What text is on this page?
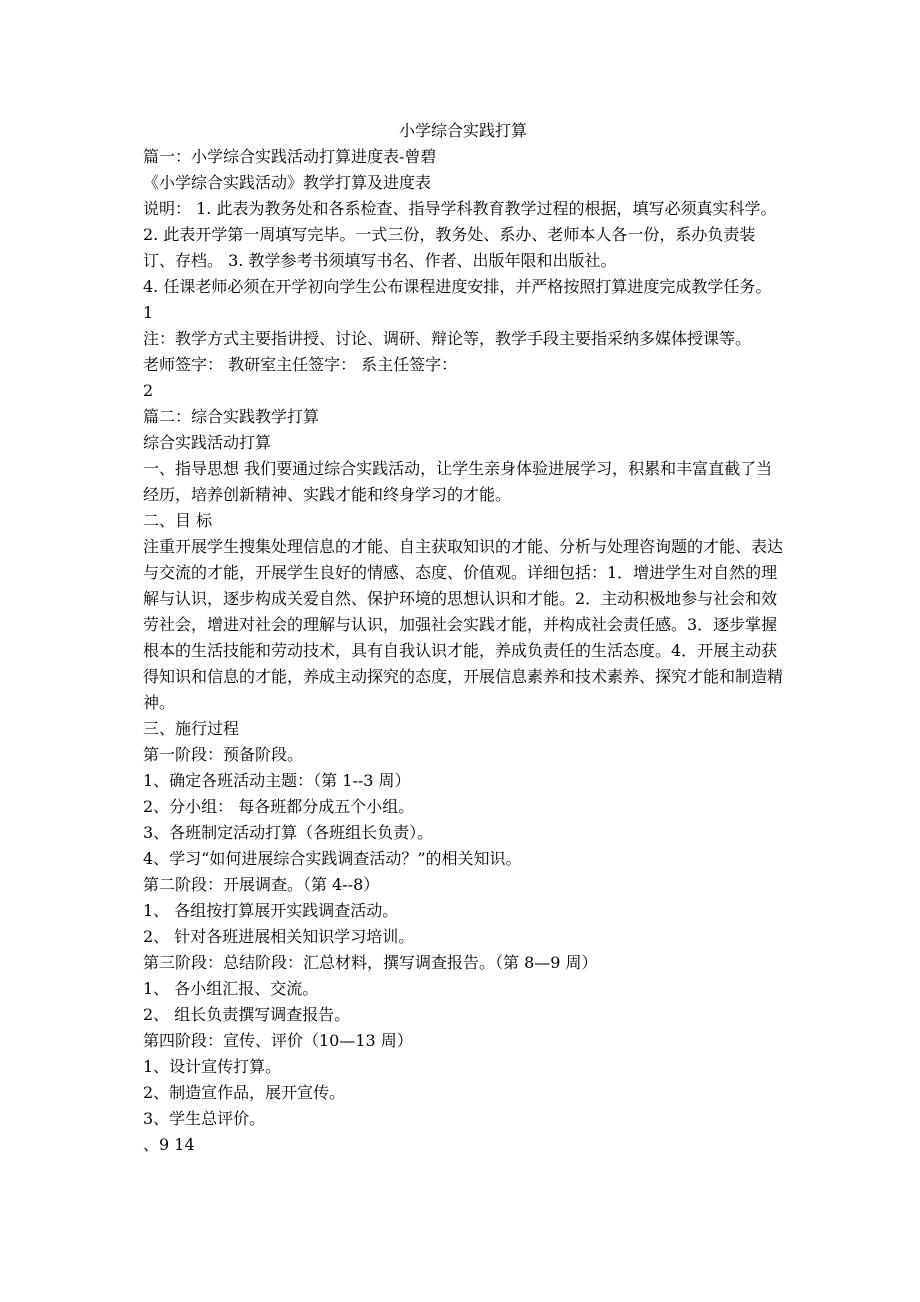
小学综合实践打算

篇一：小学综合实践活动打算进度表-曾碧

《小学综合实践活动》教学打算及进度表

说明： 1. 此表为教务处和各系检查、指导学科教育教学过程的根据，填写必须真实科学。

2. 此表开学第一周填写完毕。一式三份，教务处、系办、老师本人各一份，系办负责装订、存档。 3. 教学参考书须填写书名、作者、出版年限和出版社。

4. 任课老师必须在开学初向学生公布课程进度安排，并严格按照打算进度完成教学任务。

1

注：教学方式主要指讲授、讨论、调研、辩论等，教学手段主要指采纳多媒体授课等。

老师签字： 教研室主任签字： 系主任签字：

2

篇二：综合实践教学打算

综合实践活动打算

一、指导思想 我们要通过综合实践活动，让学生亲身体验进展学习，积累和丰富直截了当经历，培养创新精神、实践才能和终身学习的才能。

二、目 标

注重开展学生搜集处理信息的才能、自主获取知识的才能、分析与处理咨询题的才能、表达与交流的才能，开展学生良好的情感、态度、价值观。详细包括：1．增进学生对自然的理解与认识，逐步构成关爱自然、保护环境的思想认识和才能。2．主动积极地参与社会和效劳社会，增进对社会的理解与认识，加强社会实践才能，并构成社会责任感。3．逐步掌握根本的生活技能和劳动技术，具有自我认识才能，养成负责任的生活态度。4．开展主动获得知识和信息的才能，养成主动探究的态度，开展信息素养和技术素养、探究才能和制造精神。

三、施行过程

第一阶段：预备阶段。

1、确定各班活动主题：（第 1--3 周）

2、分小组： 每各班都分成五个小组。

3、各班制定活动打算（各班组长负责）。

4、学习“如何进展综合实践调查活动？”的相关知识。

第二阶段：开展调查。（第 4--8）

1、 各组按打算展开实践调查活动。

2、 针对各班进展相关知识学习培训。

第三阶段：总结阶段：汇总材料，撰写调查报告。（第 8—9 周）

1、 各小组汇报、交流。

2、 组长负责撰写调查报告。

第四阶段：宣传、评价（10—13 周）

1、设计宣传打算。

2、制造宣作品，展开宣传。

3、学生总评价。

、9 14
